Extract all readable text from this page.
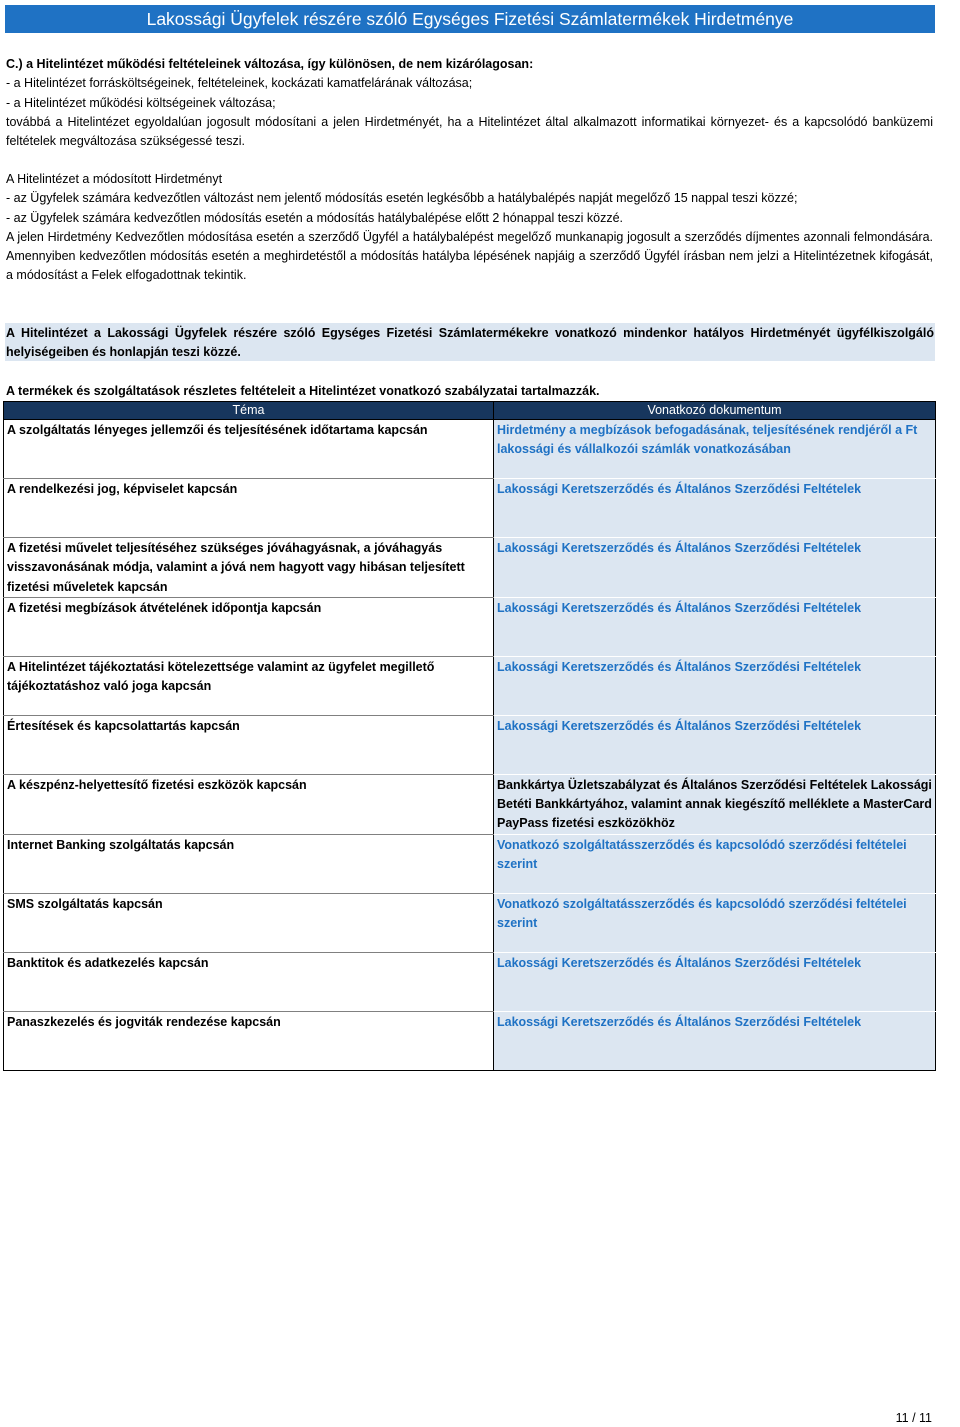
Lakossági Ügyfelek részére szóló Egységes Fizetési Számlatermékek Hirdetménye
C.) a Hitelintézet működési feltételeinek változása, így különösen, de nem kizárólagosan:
- a Hitelintézet forrásköltségeinek, feltételeinek, kockázati kamatfelárának változása;
- a Hitelintézet működési költségeinek változása;
továbbá a Hitelintézet egyoldalúan jogosult módosítani a jelen Hirdetményét, ha a Hitelintézet által alkalmazott informatikai környezet- és a kapcsolódó banküzemi feltételek megváltozása szükségessé teszi.
A Hitelintézet a módosított Hirdetményt
- az Ügyfelek számára kedvezőtlen változást nem jelentő módosítás esetén legkésőbb a hatálybalépés napját megelőző 15 nappal teszi közzé;
- az Ügyfelek számára kedvezőtlen módosítás esetén a módosítás hatálybalépése előtt 2 hónappal teszi közzé.
A jelen Hirdetmény Kedvezőtlen módosítása esetén a szerződő Ügyfél a hatálybalépést megelőző munkanapig jogosult a szerződés díjmentes azonnali felmondására. Amennyiben kedvezőtlen módosítás esetén a meghirdetéstől a módosítás hatályba lépésének napjáig a szerződő Ügyfél írásban nem jelzi a Hitelintézetnek kifogását, a módosítást a Felek elfogadottnak tekintik.
A Hitelintézet a Lakossági Ügyfelek részére szóló Egységes Fizetési Számlatermékekre vonatkozó mindenkor hatályos Hirdetményét ügyfélkiszolgáló helyiségeiben és honlapján teszi közzé.
A termékek és szolgáltatások részletes feltételeit a Hitelintézet vonatkozó szabályzatai tartalmazzák.
Téma	Vonatkozó dokumentum
A szolgáltatás lényeges jellemzői és teljesítésének időtartama kapcsán	Hirdetmény a megbízások befogadásának, teljesítésének rendjéről a Ft lakossági és vállalkozói számlák vonatkozásában
A rendelkezési jog, képviselet kapcsán	Lakossági Keretszerződés és Általános Szerződési Feltételek
A fizetési művelet teljesítéséhez szükséges jóváhagyásnak, a jóváhagyás visszavonásának módja, valamint a jóvá nem hagyott vagy hibásan teljesített fizetési műveletek kapcsán	Lakossági Keretszerződés és Általános Szerződési Feltételek
A fizetési megbízások átvételének időpontja kapcsán	Lakossági Keretszerződés és Általános Szerződési Feltételek
A Hitelintézet tájékoztatási kötelezettsége valamint az ügyfelet megillető tájékoztatáshoz való joga kapcsán	Lakossági Keretszerződés és Általános Szerződési Feltételek
Értesítések és kapcsolattartás kapcsán	Lakossági Keretszerződés és Általános Szerződési Feltételek
A készpénz-helyettesítő fizetési eszközök kapcsán	Bankkártya Üzletszabályzat és Általános Szerződési Feltételek Lakossági Betéti Bankkártyához, valamint annak kiegészítő melléklete a MasterCard PayPass fizetési eszközökhöz
Internet Banking szolgáltatás kapcsán	Vonatkozó szolgáltatásszerződés és kapcsolódó szerződési feltételei szerint
SMS szolgáltatás kapcsán	Vonatkozó szolgáltatásszerződés és kapcsolódó szerződési feltételei szerint
Banktitok és adatkezelés kapcsán	Lakossági Keretszerződés és Általános Szerződési Feltételek
Panaszkezelés és jogviták rendezése kapcsán	Lakossági Keretszerződés és Általános Szerződési Feltételek
11 / 11
